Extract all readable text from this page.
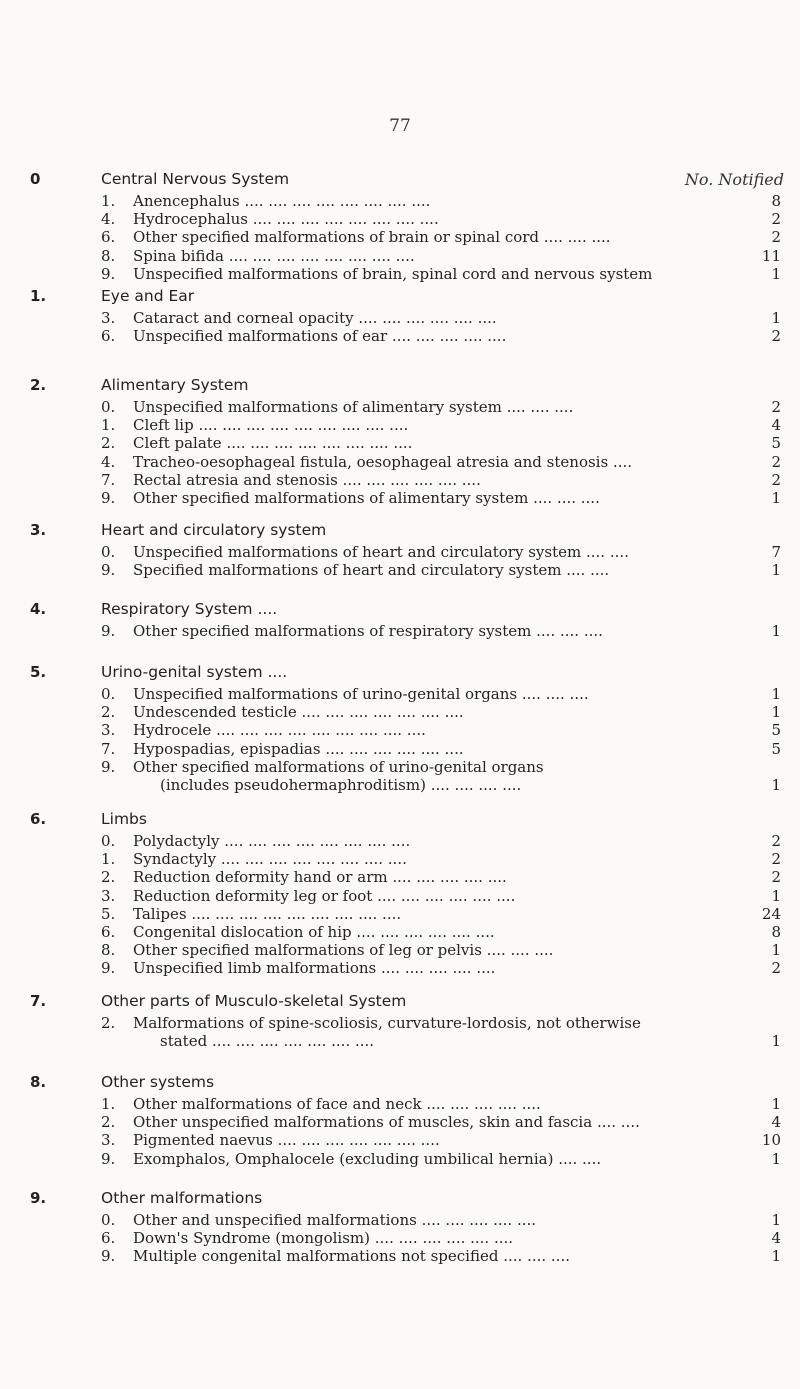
77
No. Notified
0	Central Nervous System
1. Anencephalus .... .... .... .... .... .... .... ....	8
4. Hydrocephalus .... .... .... .... .... .... .... ....	2
6. Other specified malformations of brain or spinal cord .... .... ....	2
8. Spina bifida .... .... .... .... .... .... .... ....	11
9. Unspecified malformations of brain, spinal cord and nervous system	1
1.	Eye and Ear
3. Cataract and corneal opacity .... .... .... .... .... ....	1
6. Unspecified malformations of ear .... .... .... .... ....	2
2.	Alimentary System
0. Unspecified malformations of alimentary system .... .... ....	2
1. Cleft lip .... .... .... .... .... .... .... .... ....	4
2. Cleft palate .... .... .... .... .... .... .... ....	5
4. Tracheo-oesophageal fistula, oesophageal atresia and stenosis ....	2
7. Rectal atresia and stenosis .... .... .... .... .... ....	2
9. Other specified malformations of alimentary system .... .... ....	1
3.	Heart and circulatory system
0. Unspecified malformations of heart and circulatory system .... ....	7
9. Specified malformations of heart and circulatory system .... ....	1
4.	Respiratory System ....
9. Other specified malformations of respiratory system .... .... ....	1
5.	Urino-genital system ....
0. Unspecified malformations of urino-genital organs .... .... ....	1
2. Undescended testicle .... .... .... .... .... .... ....	1
3. Hydrocele .... .... .... .... .... .... .... .... ....	5
7. Hypospadias, epispadias .... .... .... .... .... ....	5
9. Other specified malformations of urino-genital organs
(includes pseudohermaphroditism) .... .... .... ....	1
6.	Limbs
0. Polydactyly .... .... .... .... .... .... .... ....	2
1. Syndactyly .... .... .... .... .... .... .... ....	2
2. Reduction deformity hand or arm .... .... .... .... ....	2
3. Reduction deformity leg or foot .... .... .... .... .... ....	1
5. Talipes .... .... .... .... .... .... .... .... ....	24
6. Congenital dislocation of hip .... .... .... .... .... ....	8
8. Other specified malformations of leg or pelvis .... .... ....	1
9. Unspecified limb malformations .... .... .... .... ....	2
7.	Other parts of Musculo-skeletal System
2. Malformations of spine-scoliosis, curvature-lordosis, not otherwise
stated .... .... .... .... .... .... ....	1
8.	Other systems
1. Other malformations of face and neck .... .... .... .... ....	1
2. Other unspecified malformations of muscles, skin and fascia .... ....	4
3. Pigmented naevus .... .... .... .... .... .... ....	10
9. Exomphalos, Omphalocele (excluding umbilical hernia) .... ....	1
9.	Other malformations
0. Other and unspecified malformations .... .... .... .... ....	1
6. Down's Syndrome (mongolism) .... .... .... .... .... ....	4
9. Multiple congenital malformations not specified .... .... ....	1
